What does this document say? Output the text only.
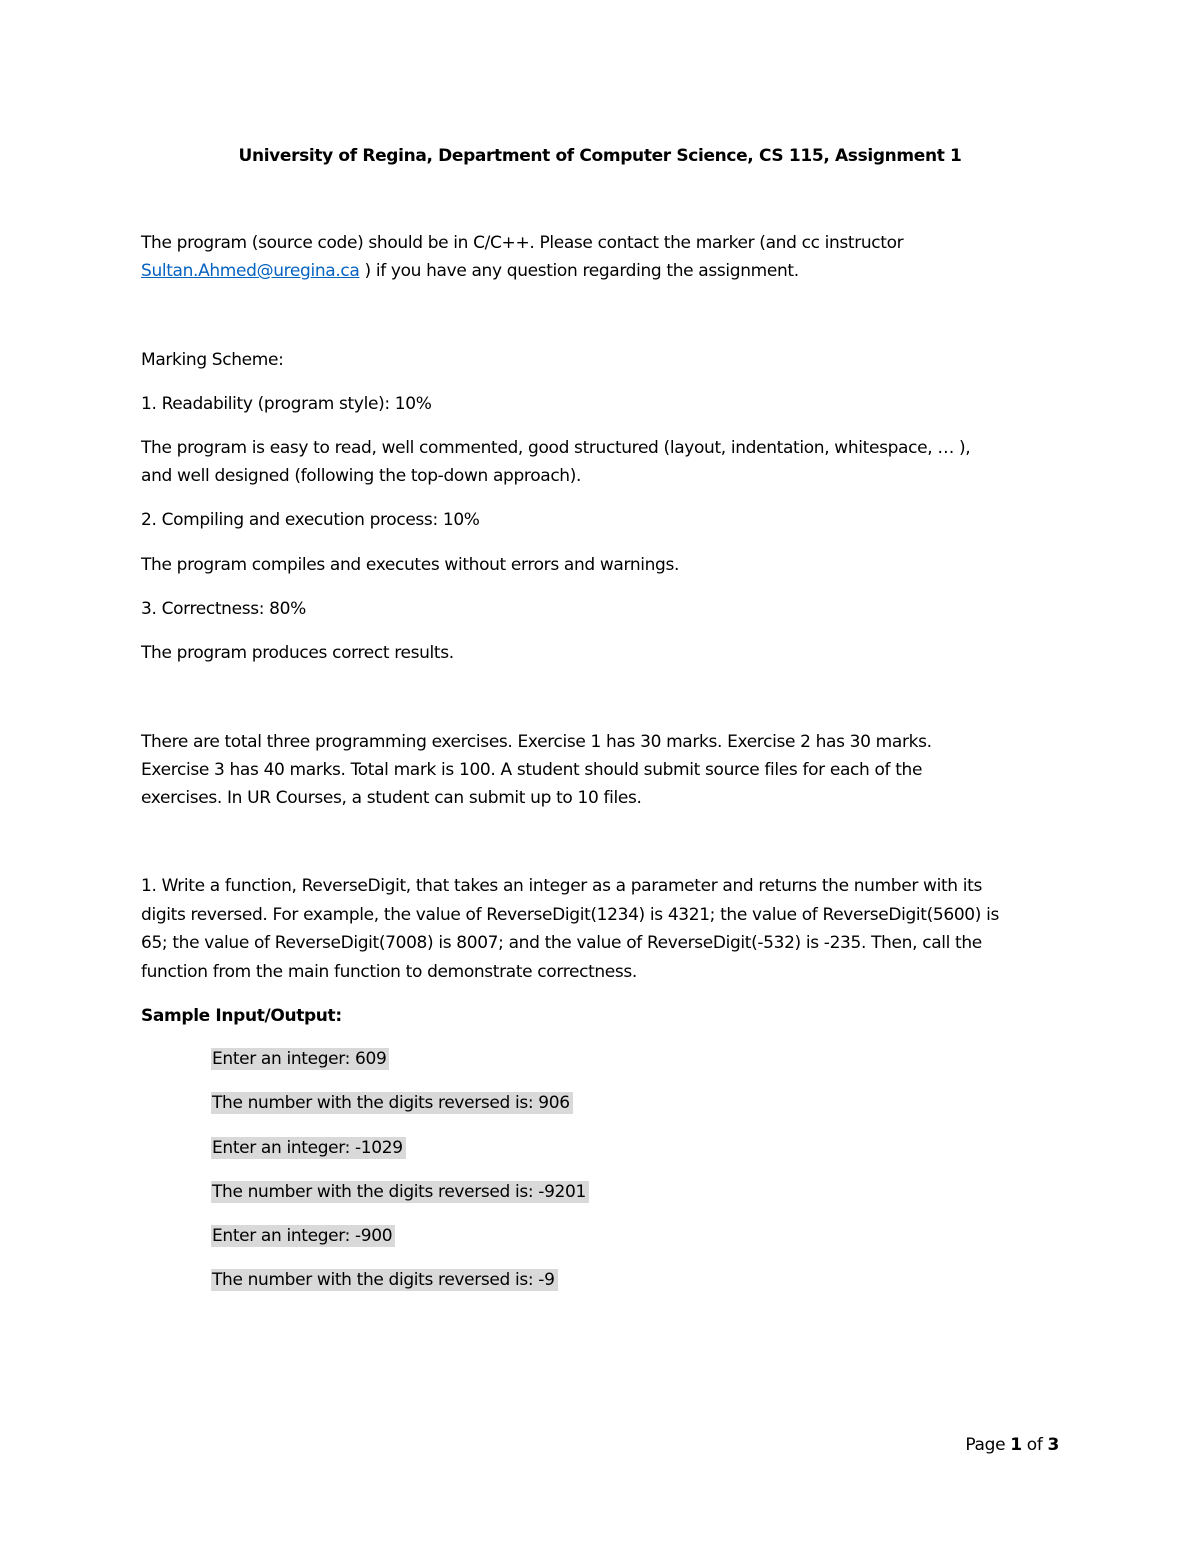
University of Regina, Department of Computer Science, CS 115, Assignment 1
The program (source code) should be in C/C++. Please contact the marker (and cc instructor
Sultan.Ahmed@uregina.ca ) if you have any question regarding the assignment.
Marking Scheme:
1. Readability (program style): 10%
The program is easy to read, well commented, good structured (layout, indentation, whitespace, … ),
and well designed (following the top-down approach).
2. Compiling and execution process: 10%
The program compiles and executes without errors and warnings.
3. Correctness: 80%
The program produces correct results.
There are total three programming exercises. Exercise 1 has 30 marks. Exercise 2 has 30 marks.
Exercise 3 has 40 marks. Total mark is 100. A student should submit source files for each of the
exercises. In UR Courses, a student can submit up to 10 files.
1. Write a function, ReverseDigit, that takes an integer as a parameter and returns the number with its
digits reversed. For example, the value of ReverseDigit(1234) is 4321; the value of ReverseDigit(5600) is
65; the value of ReverseDigit(7008) is 8007; and the value of ReverseDigit(-532) is -235. Then, call the
function from the main function to demonstrate correctness.
Sample Input/Output:
Enter an integer: 609
The number with the digits reversed is: 906
Enter an integer: -1029
The number with the digits reversed is: -9201
Enter an integer: -900
The number with the digits reversed is: -9
Page 1 of 3
